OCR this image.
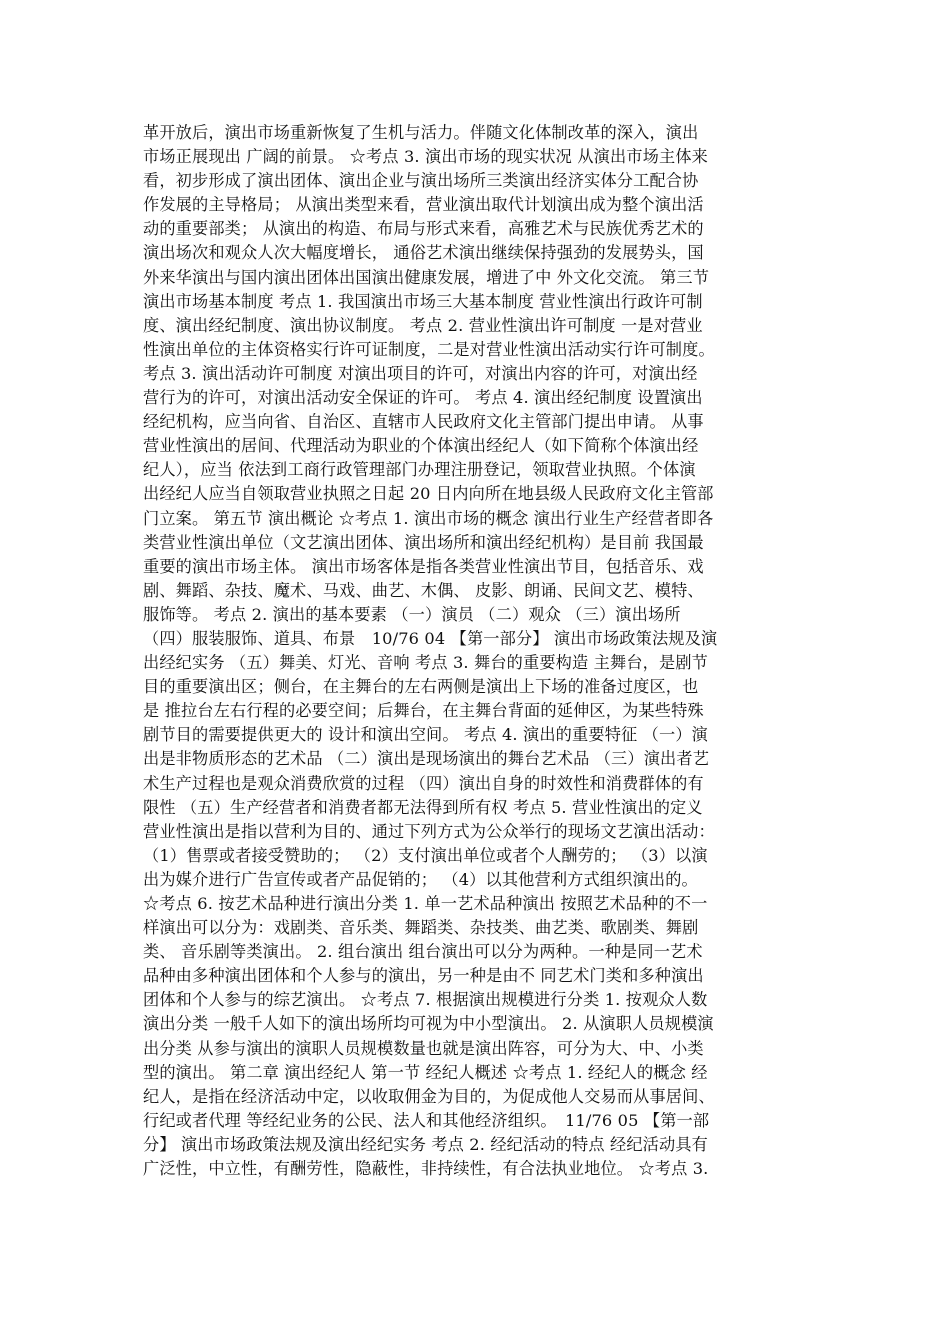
革开放后，演出市场重新恢复了生机与活力。伴随文化体制改革的深入，演出
市场正展现出 广阔的前景。 ☆考点 3. 演出市场的现实状况 从演出市场主体来
看，初步形成了演出团体、演出企业与演出场所三类演出经济实体分工配合协
作发展的主导格局； 从演出类型来看，营业演出取代计划演出成为整个演出活
动的重要部类； 从演出的构造、布局与形式来看，高雅艺术与民族优秀艺术的
演出场次和观众人次大幅度增长， 通俗艺术演出继续保持强劲的发展势头，国
外来华演出与国内演出团体出国演出健康发展，增进了中 外文化交流。 第三节
演出市场基本制度 考点 1. 我国演出市场三大基本制度 营业性演出行政许可制
度、演出经纪制度、演出协议制度。 考点 2. 营业性演出许可制度 一是对营业
性演出单位的主体资格实行许可证制度，二是对营业性演出活动实行许可制度。
考点 3. 演出活动许可制度 对演出项目的许可，对演出内容的许可，对演出经
营行为的许可，对演出活动安全保证的许可。 考点 4. 演出经纪制度 设置演出
经纪机构，应当向省、自治区、直辖市人民政府文化主管部门提出申请。 从事
营业性演出的居间、代理活动为职业的个体演出经纪人（如下简称个体演出经
纪人），应当 依法到工商行政管理部门办理注册登记，领取营业执照。个体演
出经纪人应当自领取营业执照之日起 20 日内向所在地县级人民政府文化主管部
门立案。 第五节 演出概论 ☆考点 1. 演出市场的概念 演出行业生产经营者即各
类营业性演出单位（文艺演出团体、演出场所和演出经纪机构）是目前 我国最
重要的演出市场主体。 演出市场客体是指各类营业性演出节目，包括音乐、戏
剧、舞蹈、杂技、魔术、马戏、曲艺、木偶、 皮影、朗诵、民间文艺、模特、
服饰等。 考点 2. 演出的基本要素 （一）演员 （二）观众 （三）演出场所
（四）服装服饰、道具、布景　10/76 04 【第一部分】 演出市场政策法规及演
出经纪实务 （五）舞美、灯光、音响 考点 3. 舞台的重要构造 主舞台，是剧节
目的重要演出区；侧台，在主舞台的左右两侧是演出上下场的准备过度区，也
是 推拉台左右行程的必要空间；后舞台，在主舞台背面的延伸区，为某些特殊
剧节目的需要提供更大的 设计和演出空间。 考点 4. 演出的重要特征 （一）演
出是非物质形态的艺术品 （二）演出是现场演出的舞台艺术品 （三）演出者艺
术生产过程也是观众消费欣赏的过程 （四）演出自身的时效性和消费群体的有
限性 （五）生产经营者和消费者都无法得到所有权 考点 5. 营业性演出的定义
营业性演出是指以营利为目的、通过下列方式为公众举行的现场文艺演出活动：
（1）售票或者接受赞助的； （2）支付演出单位或者个人酬劳的； （3）以演
出为媒介进行广告宣传或者产品促销的； （4）以其他营利方式组织演出的。
☆考点 6. 按艺术品种进行演出分类 1. 单一艺术品种演出 按照艺术品种的不一
样演出可以分为：戏剧类、音乐类、舞蹈类、杂技类、曲艺类、歌剧类、舞剧
类、 音乐剧等类演出。 2. 组台演出 组台演出可以分为两种。一种是同一艺术
品种由多种演出团体和个人参与的演出，另一种是由不 同艺术门类和多种演出
团体和个人参与的综艺演出。 ☆考点 7. 根据演出规模进行分类 1. 按观众人数
演出分类 一般千人如下的演出场所均可视为中小型演出。 2. 从演职人员规模演
出分类 从参与演出的演职人员规模数量也就是演出阵容，可分为大、中、小类
型的演出。 第二章 演出经纪人 第一节 经纪人概述 ☆考点 1. 经纪人的概念 经
纪人，是指在经济活动中定，以收取佣金为目的，为促成他人交易而从事居间、
行纪或者代理 等经纪业务的公民、法人和其他经济组织。　11/76 05 【第一部
分】 演出市场政策法规及演出经纪实务 考点 2. 经纪活动的特点 经纪活动具有
广泛性，中立性，有酬劳性，隐蔽性，非持续性，有合法执业地位。 ☆考点 3.
